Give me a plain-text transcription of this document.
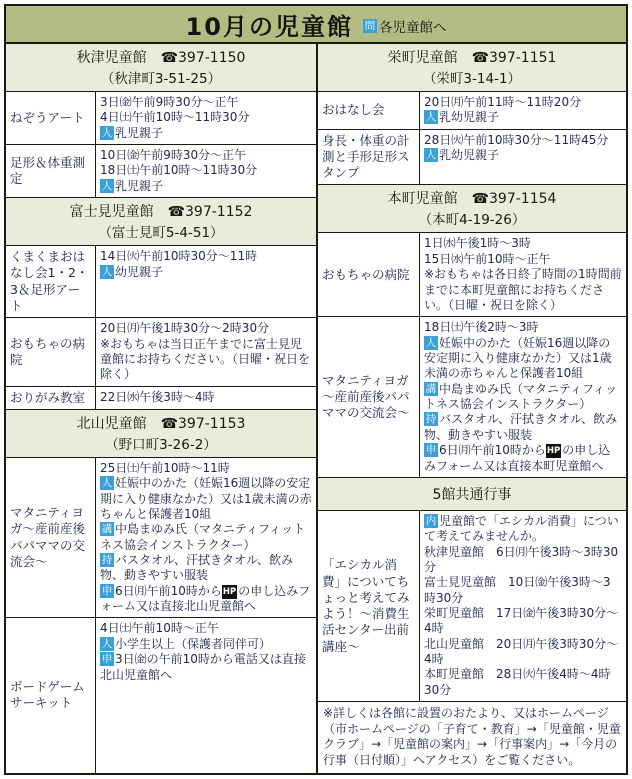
10月の児童館 問 各児童館へ
秋津児童館　☎397-1150
（秋津町3-51-25）
ねぞうアート
3日㈮午前9時30分～正午
4日㈯午前10時～11時30分
人 乳児親子
足形＆体重測定
10日㈮午前9時30分～正午
18日㈯午前10時～11時30分
人 乳児親子
富士見児童館　☎397-1152
（富士見町5-4-51）
くまくまおはなし会1・2・3＆足形アート
14日㈫午前10時30分～11時
人 幼児親子
おもちゃの病院
20日㈪午後1時30分～2時30分
※おもちゃは当日正午までに富士見児童館にお持ちください。（日曜・祝日を除く）
おりがみ教室	22日㈬午後3時～4時
北山児童館　☎397-1153
（野口町3-26-2）
マタニティヨガ～産前産後パパママの交流会～
25日㈯午前10時～11時
人 妊娠中のかた（妊娠16週以降の安定期に入り健康なかた）又は1歳未満の赤ちゃんと保護者10組
講 中島まゆみ氏（マタニティフィットネス協会インストラクター）
持 バスタオル、汗拭きタオル、飲み物、動きやすい服装
申 6日㈪午前10時からHP の申し込みフォーム又は直接北山児童館へ
ボードゲームサーキット
4日㈯午前10時～正午
人 小学生以上（保護者同伴可）
申 3日㈮の午前10時から電話又は直接北山児童館へ
栄町児童館　☎397-1151
（栄町3-14-1）
おはなし会
20日㈪午前11時～11時20分
人 乳幼児親子
身長・体重の計測と手形足形スタンプ
28日㈫午前10時30分～11時45分
人 乳幼児親子
本町児童館　☎397-1154
（本町4-19-26）
おもちゃの病院
1日㈬午後1時～3時
15日㈬午前10時～正午
※おもちゃは各日終了時間の1時間前までに本町児童館にお持ちください。（日曜・祝日を除く）
マタニティヨガ～産前産後パパママの交流会～
18日㈯午後2時～3時
人 妊娠中のかた（妊娠16週以降の安定期に入り健康なかた）又は1歳未満の赤ちゃんと保護者10組
講 中島まゆみ氏（マタニティフィットネス協会インストラクター）
持 バスタオル、汗拭きタオル、飲み物、動きやすい服装
申 6日㈪午前10時からHP の申し込みフォーム又は直接本町児童館へ
5館共通行事
「エシカル消費」についてちょっと考えてみよう！～消費生活センター出前講座～
内 児童館で「エシカル消費」について考えてみませんか。
秋津児童館　6日㈪午後3時～3時30分
富士見児童館　10日㈮午後3時～3時30分
栄町児童館　17日㈮午後3時30分～4時
北山児童館　20日㈪午後3時30分～4時
本町児童館　28日㈫午後4時～4時30分
※詳しくは各館に設置のおたより、又はホームページ（市ホームページの「子育て・教育」→「児童館・児童クラブ」→「児童館の案内」→「行事案内」→「今月の行事（日付順）」へアクセス）をご覧ください。
